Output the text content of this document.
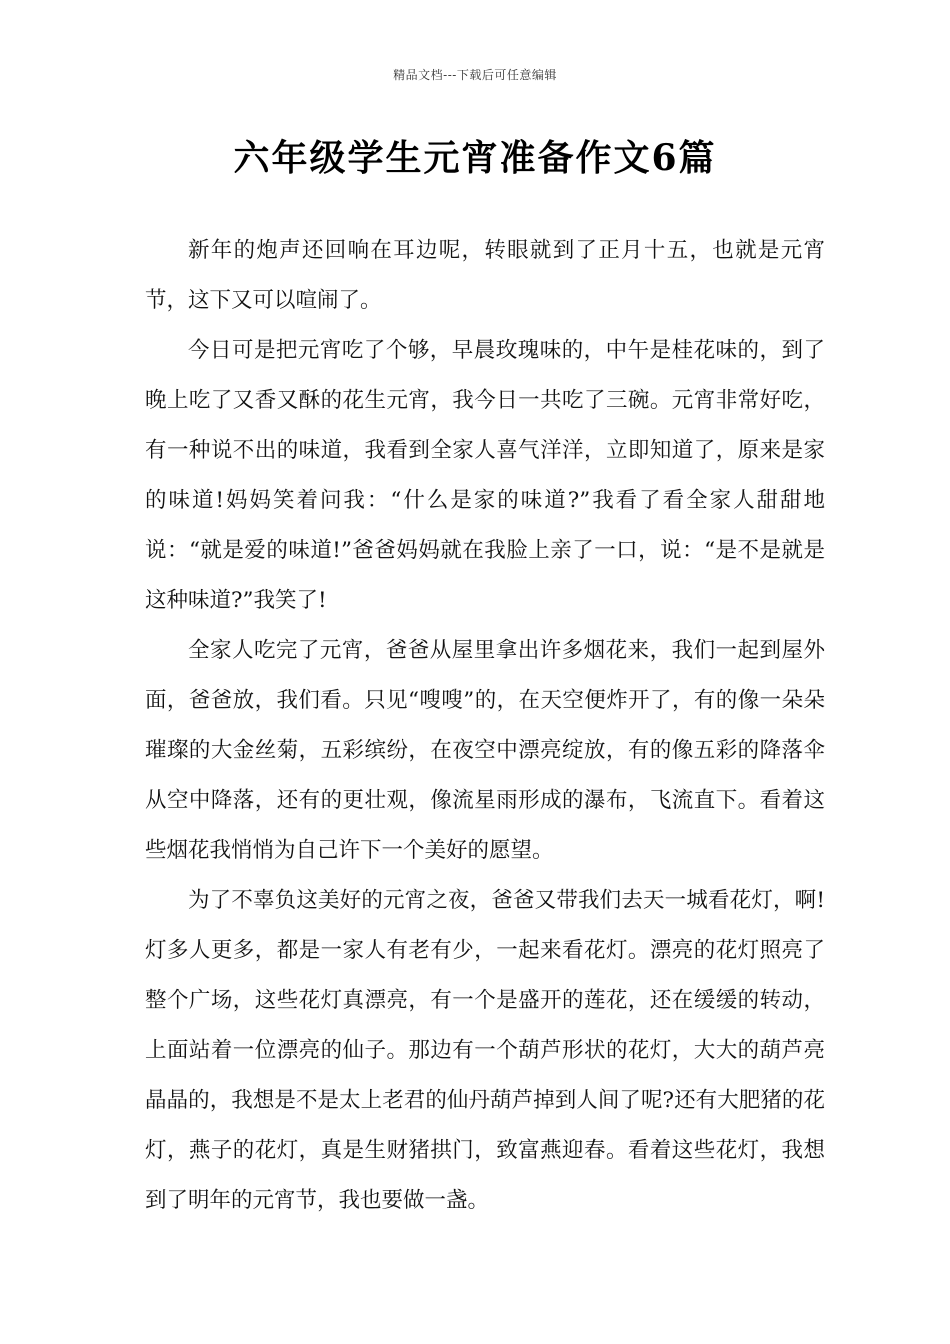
精品文档---下载后可任意编辑
六年级学生元宵准备作文6篇

新年的炮声还回响在耳边呢，转眼就到了正月十五，也就是元宵节，这下又可以喧闹了。

今日可是把元宵吃了个够，早晨玫瑰味的，中午是桂花味的，到了晚上吃了又香又酥的花生元宵，我今日一共吃了三碗。元宵非常好吃，有一种说不出的味道，我看到全家人喜气洋洋，立即知道了，原来是家的味道!妈妈笑着问我：“什么是家的味道?”我看了看全家人甜甜地说：“就是爱的味道!”爸爸妈妈就在我脸上亲了一口，说：“是不是就是这种味道?”我笑了!

全家人吃完了元宵，爸爸从屋里拿出许多烟花来，我们一起到屋外面，爸爸放，我们看。只见“嗖嗖”的，在天空便炸开了，有的像一朵朵璀璨的大金丝菊，五彩缤纷，在夜空中漂亮绽放，有的像五彩的降落伞从空中降落，还有的更壮观，像流星雨形成的瀑布，飞流直下。看着这些烟花我悄悄为自己许下一个美好的愿望。

为了不辜负这美好的元宵之夜，爸爸又带我们去天一城看花灯，啊!灯多人更多，都是一家人有老有少，一起来看花灯。漂亮的花灯照亮了整个广场，这些花灯真漂亮，有一个是盛开的莲花，还在缓缓的转动，上面站着一位漂亮的仙子。那边有一个葫芦形状的花灯，大大的葫芦亮晶晶的，我想是不是太上老君的仙丹葫芦掉到人间了呢?还有大肥猪的花灯，燕子的花灯，真是生财猪拱门，致富燕迎春。看着这些花灯，我想到了明年的元宵节，我也要做一盏。
